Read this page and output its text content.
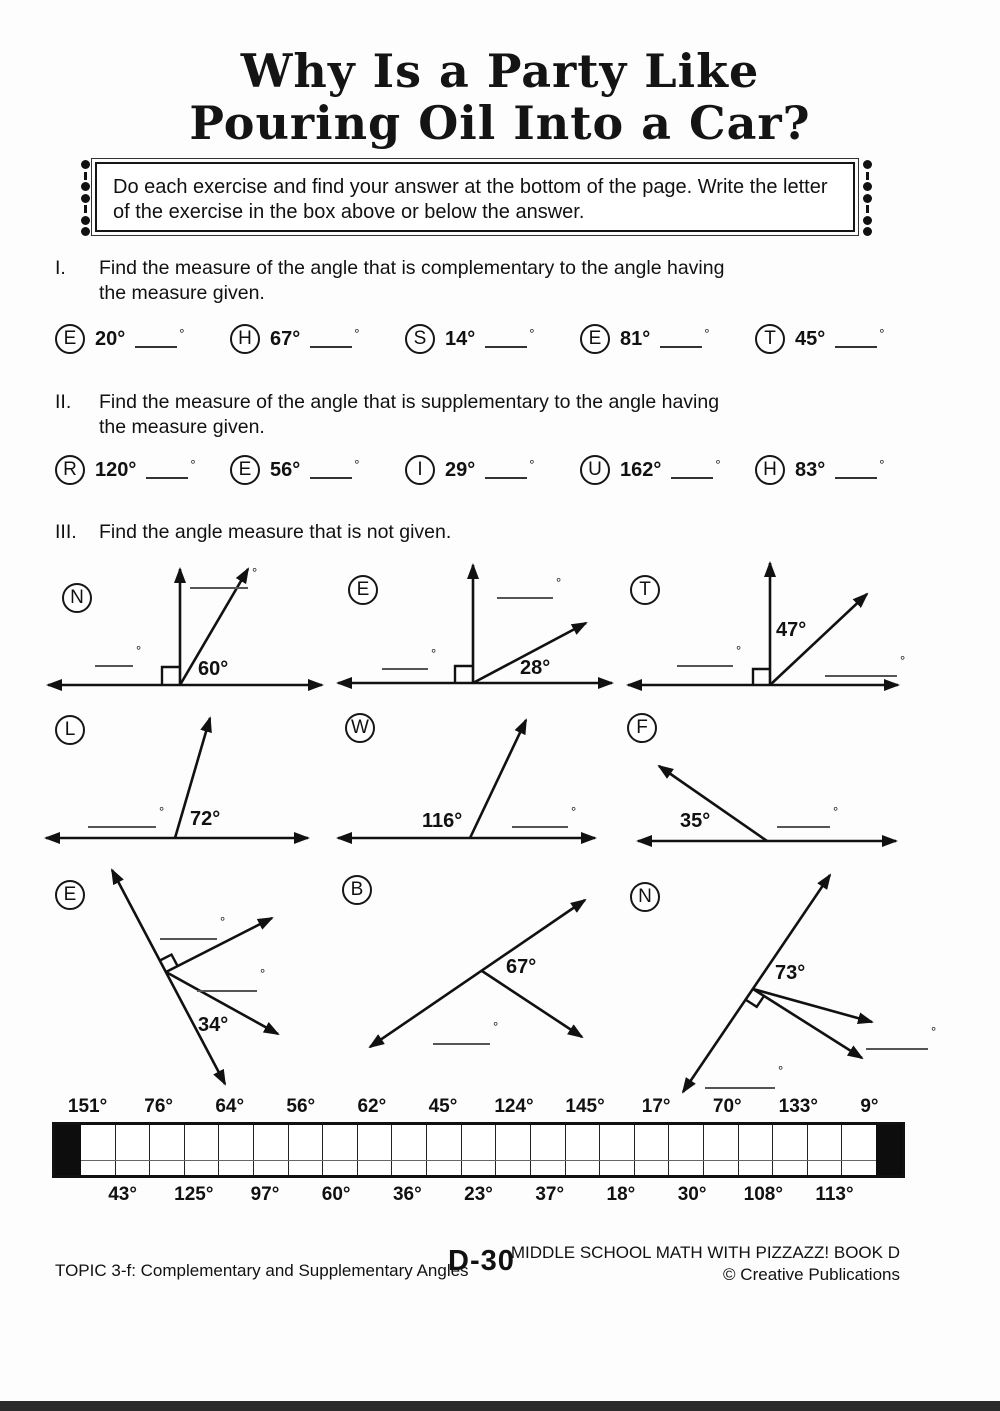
Why Is a Party Like
Pouring Oil Into a Car?
Do each exercise and find your answer at the bottom of the page. Write the letter
of the exercise in the box above or below the answer.
I.	Find the measure of the angle that is complementary to the angle having
the measure given.
E 20°	°	H 67°	°	S 14°	°	E 81°	°	T 45°	°
II.	Find the measure of the angle that is supplementary to the angle having
the measure given.
R 120°	°	E 56°	°	I	29°	°	U 162°	°	H 83°	°
III.	Find the angle measure that is not given.
N
60°
°
°
E
28°
°
°
T
47°
°
°
L
72°
°
W
116°	°
F
35°	°
E
34°
°
°
B
67°
°
N
73°
°
°
151°	76°	64°	56°	62°	45°	124°	145°	17°	70°	133°	9°
43°	125°	97°	60°	36°	23°	37°	18°	30°	108°	113°
TOPIC 3-f: Complementary and Supplementary Angles
D-30
MIDDLE SCHOOL MATH WITH PIZZAZZ! BOOK D
© Creative Publications
